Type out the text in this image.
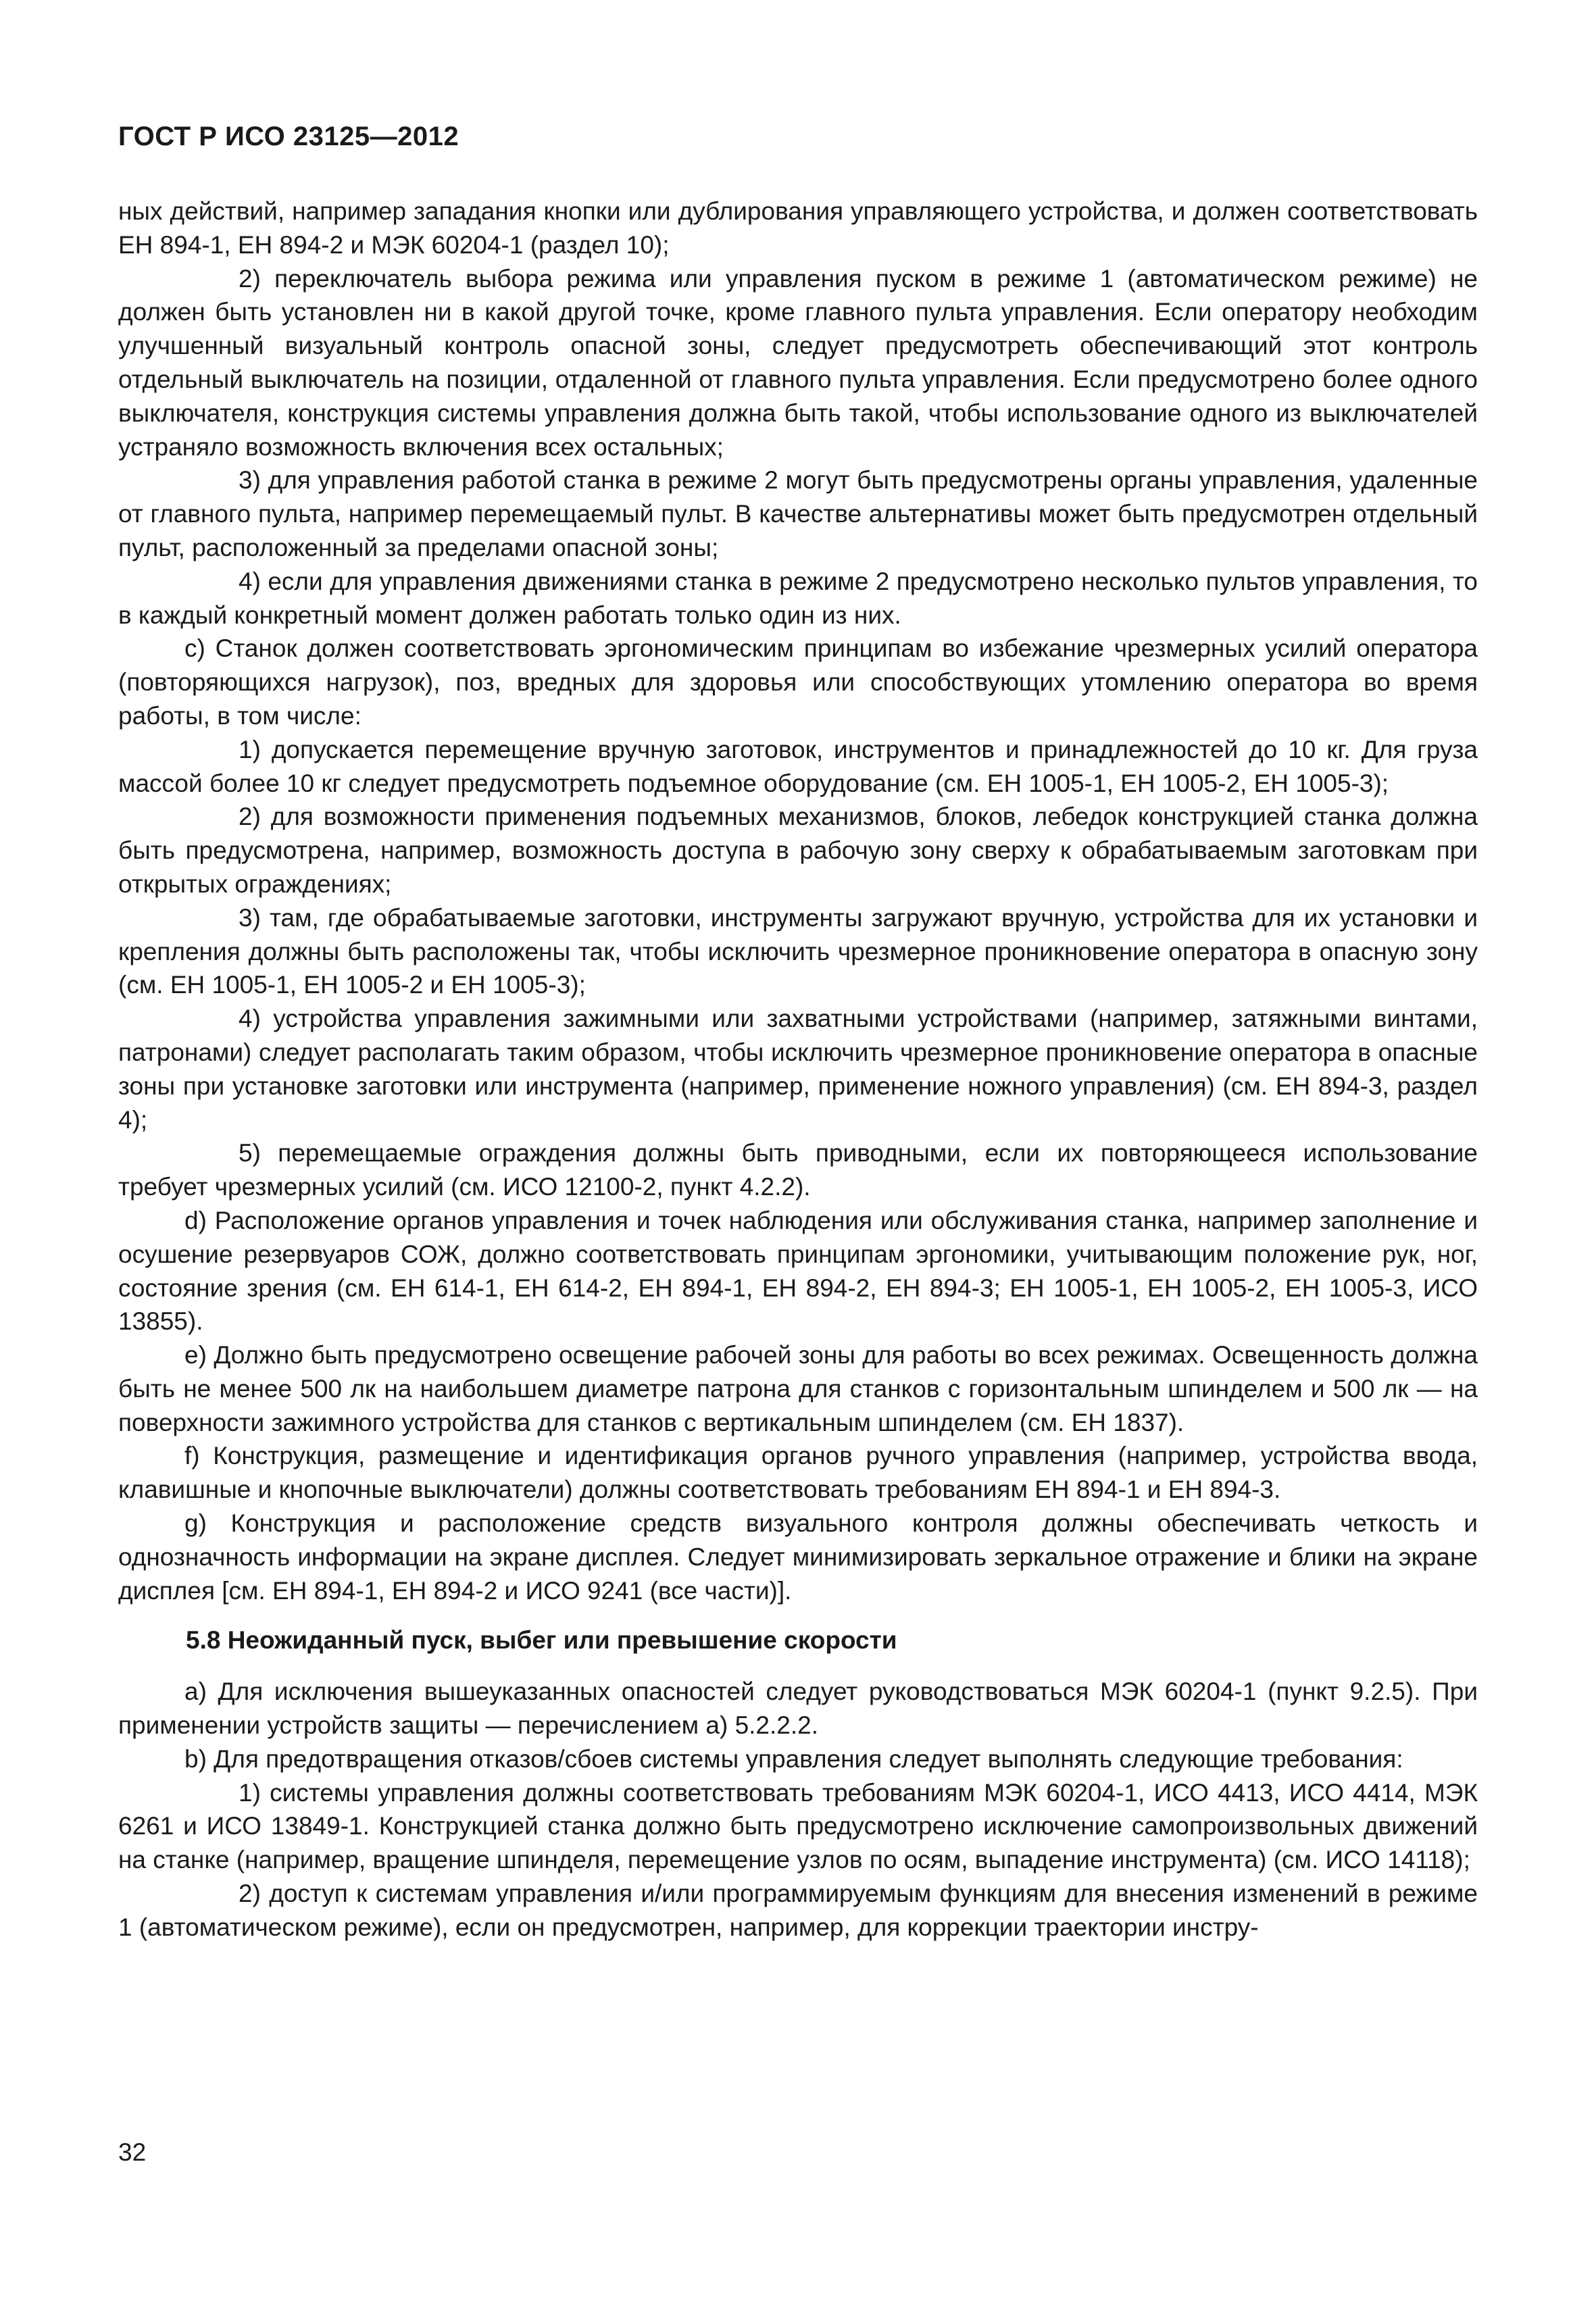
ГОСТ Р ИСО 23125—2012

ных действий, например западания кнопки или дублирования управляющего устройства, и должен соответствовать ЕН 894-1, ЕН 894-2 и МЭК 60204-1 (раздел 10);

2) переключатель выбора режима или управления пуском в режиме 1 (автоматическом режиме) не должен быть установлен ни в какой другой точке, кроме главного пульта управления. Если оператору необходим улучшенный визуальный контроль опасной зоны, следует предусмотреть обеспечивающий этот контроль отдельный выключатель на позиции, отдаленной от главного пульта управления. Если предусмотрено более одного выключателя, конструкция системы управления должна быть такой, чтобы использование одного из выключателей устраняло возможность включения всех остальных;

3) для управления работой станка в режиме 2 могут быть предусмотрены органы управления, удаленные от главного пульта, например перемещаемый пульт. В качестве альтернативы может быть предусмотрен отдельный пульт, расположенный за пределами опасной зоны;

4) если для управления движениями станка в режиме 2 предусмотрено несколько пультов управления, то в каждый конкретный момент должен работать только один из них.

c) Станок должен соответствовать эргономическим принципам во избежание чрезмерных усилий оператора (повторяющихся нагрузок), поз, вредных для здоровья или способствующих утомлению оператора во время работы, в том числе:

1) допускается перемещение вручную заготовок, инструментов и принадлежностей до 10 кг. Для груза массой более 10 кг следует предусмотреть подъемное оборудование (см. ЕН 1005-1, ЕН 1005-2, ЕН 1005-3);

2) для возможности применения подъемных механизмов, блоков, лебедок конструкцией станка должна быть предусмотрена, например, возможность доступа в рабочую зону сверху к обрабатываемым заготовкам при открытых ограждениях;

3) там, где обрабатываемые заготовки, инструменты загружают вручную, устройства для их установки и крепления должны быть расположены так, чтобы исключить чрезмерное проникновение оператора в опасную зону (см. ЕН 1005-1, ЕН 1005-2 и ЕН 1005-3);

4) устройства управления зажимными или захватными устройствами (например, затяжными винтами, патронами) следует располагать таким образом, чтобы исключить чрезмерное проникновение оператора в опасные зоны при установке заготовки или инструмента (например, применение ножного управления) (см. ЕН 894-3, раздел 4);

5) перемещаемые ограждения должны быть приводными, если их повторяющееся использование требует чрезмерных усилий (см. ИСО 12100-2, пункт 4.2.2).

d) Расположение органов управления и точек наблюдения или обслуживания станка, например заполнение и осушение резервуаров СОЖ, должно соответствовать принципам эргономики, учитывающим положение рук, ног, состояние зрения (см. ЕН 614-1, ЕН 614-2, ЕН 894-1, ЕН 894-2, ЕН 894-3; ЕН 1005-1, ЕН 1005-2, ЕН 1005-3, ИСО 13855).

e) Должно быть предусмотрено освещение рабочей зоны для работы во всех режимах. Освещенность должна быть не менее 500 лк на наибольшем диаметре патрона для станков с горизонтальным шпинделем и 500 лк — на поверхности зажимного устройства для станков с вертикальным шпинделем (см. ЕН 1837).

f) Конструкция, размещение и идентификация органов ручного управления (например, устройства ввода, клавишные и кнопочные выключатели) должны соответствовать требованиям ЕН 894-1 и ЕН 894-3.

g) Конструкция и расположение средств визуального контроля должны обеспечивать четкость и однозначность информации на экране дисплея. Следует минимизировать зеркальное отражение и блики на экране дисплея [см. ЕН 894-1, ЕН 894-2 и ИСО 9241 (все части)].

5.8 Неожиданный пуск, выбег или превышение скорости

a) Для исключения вышеуказанных опасностей следует руководствоваться МЭК 60204-1 (пункт 9.2.5). При применении устройств защиты — перечислением а) 5.2.2.2.

b) Для предотвращения отказов/сбоев системы управления следует выполнять следующие требования:

1) системы управления должны соответствовать требованиям МЭК 60204-1, ИСО 4413, ИСО 4414, МЭК 6261 и ИСО 13849-1. Конструкцией станка должно быть предусмотрено исключение самопроизвольных движений на станке (например, вращение шпинделя, перемещение узлов по осям, выпадение инструмента) (см. ИСО 14118);

2) доступ к системам управления и/или программируемым функциям для внесения изменений в режиме 1 (автоматическом режиме), если он предусмотрен, например, для коррекции траектории инстру-

32
